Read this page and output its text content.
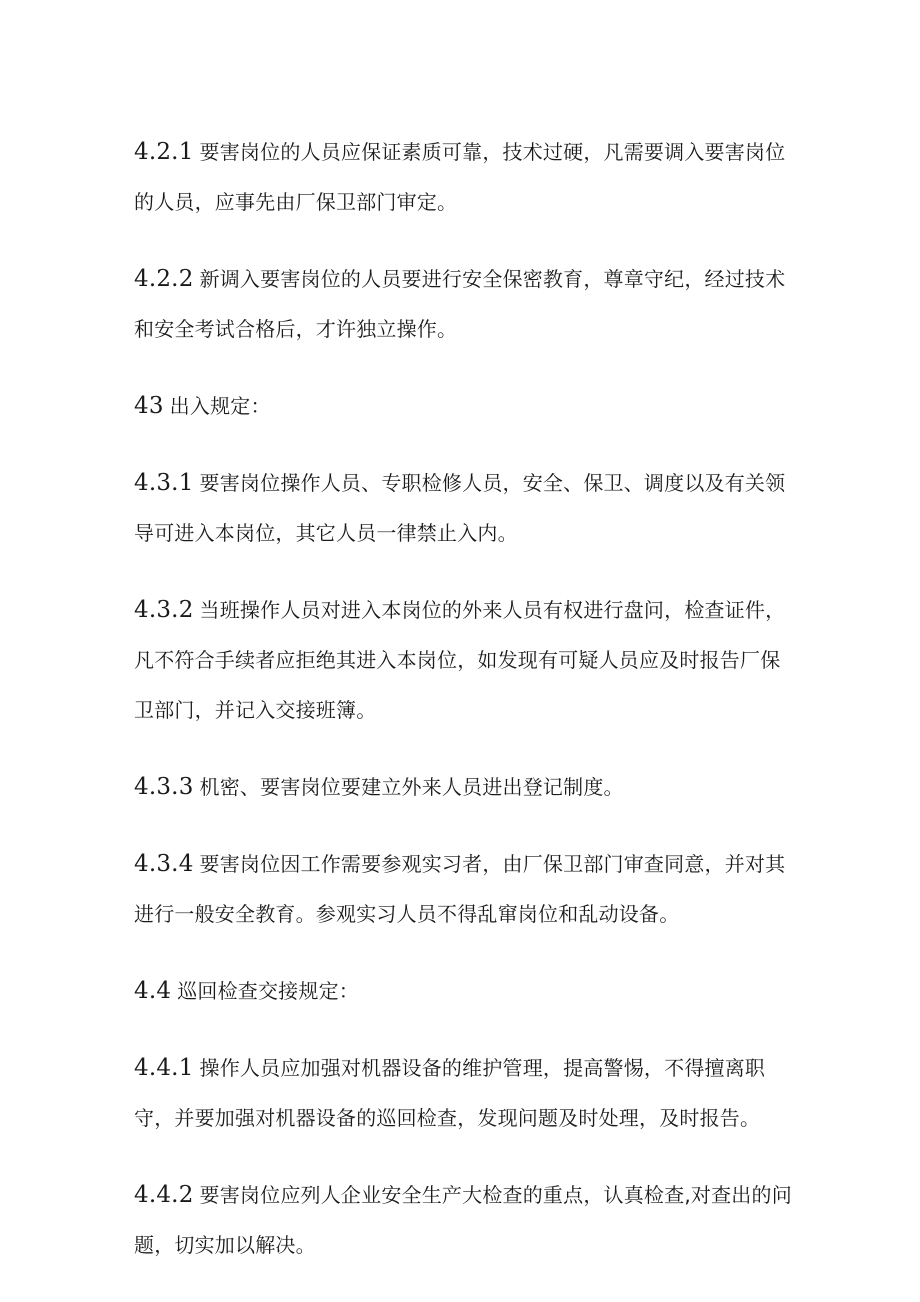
4.2.1 要害岗位的人员应保证素质可靠，技术过硬，凡需要调入要害岗位的人员，应事先由厂保卫部门审定。

4.2.2 新调入要害岗位的人员要进行安全保密教育，尊章守纪，经过技术和安全考试合格后，才许独立操作。

43 出入规定：

4.3.1 要害岗位操作人员、专职检修人员，安全、保卫、调度以及有关领导可进入本岗位，其它人员一律禁止入内。

4.3.2 当班操作人员对进入本岗位的外来人员有权进行盘问，检查证件，凡不符合手续者应拒绝其进入本岗位，如发现有可疑人员应及时报告厂保卫部门，并记入交接班簿。

4.3.3 机密、要害岗位要建立外来人员进出登记制度。

4.3.4 要害岗位因工作需要参观实习者，由厂保卫部门审查同意，并对其进行一般安全教育。参观实习人员不得乱窜岗位和乱动设备。

4.4 巡回检查交接规定：

4.4.1 操作人员应加强对机器设备的维护管理，提高警惕，不得擅离职守，并要加强对机器设备的巡回检查，发现问题及时处理，及时报告。

4.4.2 要害岗位应列人企业安全生产大检查的重点，认真检查,对查出的问题，切实加以解决。
